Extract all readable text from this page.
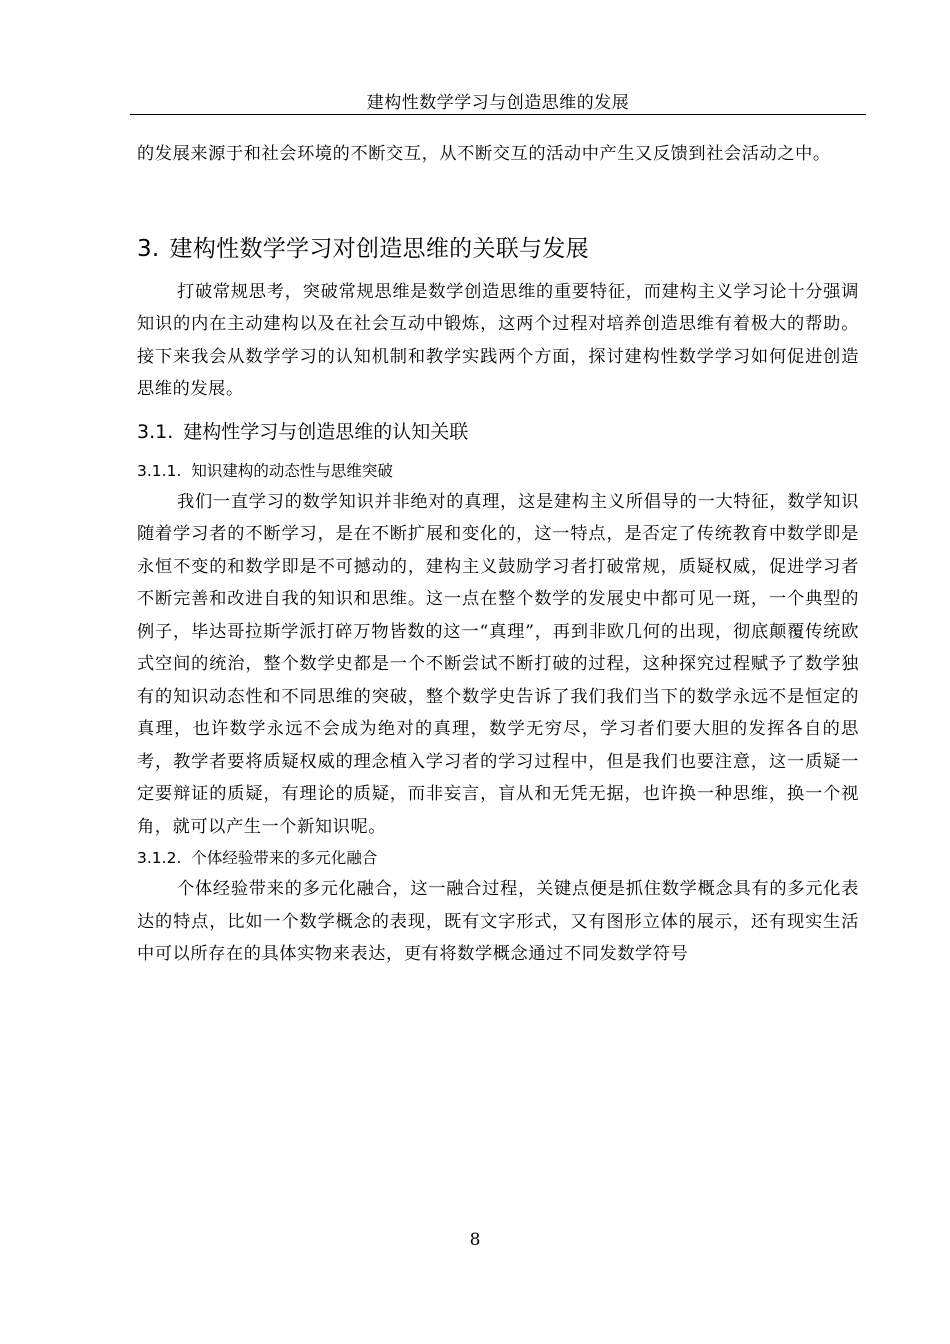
建构性数学学习与创造思维的发展

的发展来源于和社会环境的不断交互，从不断交互的活动中产生又反馈到社会活动之中。

3. 建构性数学学习对创造思维的关联与发展

打破常规思考，突破常规思维是数学创造思维的重要特征，而建构主义学习论十分强调知识的内在主动建构以及在社会互动中锻炼，这两个过程对培养创造思维有着极大的帮助。接下来我会从数学学习的认知机制和教学实践两个方面，探讨建构性数学学习如何促进创造思维的发展。

3.1. 建构性学习与创造思维的认知关联
3.1.1. 知识建构的动态性与思维突破

我们一直学习的数学知识并非绝对的真理，这是建构主义所倡导的一大特征，数学知识随着学习者的不断学习，是在不断扩展和变化的，这一特点，是否定了传统教育中数学即是永恒不变的和数学即是不可撼动的，建构主义鼓励学习者打破常规，质疑权威，促进学习者不断完善和改进自我的知识和思维。这一点在整个数学的发展史中都可见一斑，一个典型的例子，毕达哥拉斯学派打碎万物皆数的这一“真理”，再到非欧几何的出现，彻底颠覆传统欧式空间的统治，整个数学史都是一个不断尝试不断打破的过程，这种探究过程赋予了数学独有的知识动态性和不同思维的突破，整个数学史告诉了我们我们当下的数学永远不是恒定的真理，也许数学永远不会成为绝对的真理，数学无穷尽，学习者们要大胆的发挥各自的思考，教学者要将质疑权威的理念植入学习者的学习过程中，但是我们也要注意，这一质疑一定要辩证的质疑，有理论的质疑，而非妄言，盲从和无凭无据，也许换一种思维，换一个视角，就可以产生一个新知识呢。

3.1.2. 个体经验带来的多元化融合

个体经验带来的多元化融合，这一融合过程，关键点便是抓住数学概念具有的多元化表达的特点，比如一个数学概念的表现，既有文字形式，又有图形立体的展示，还有现实生活中可以所存在的具体实物来表达，更有将数学概念通过不同发数学符号

8
